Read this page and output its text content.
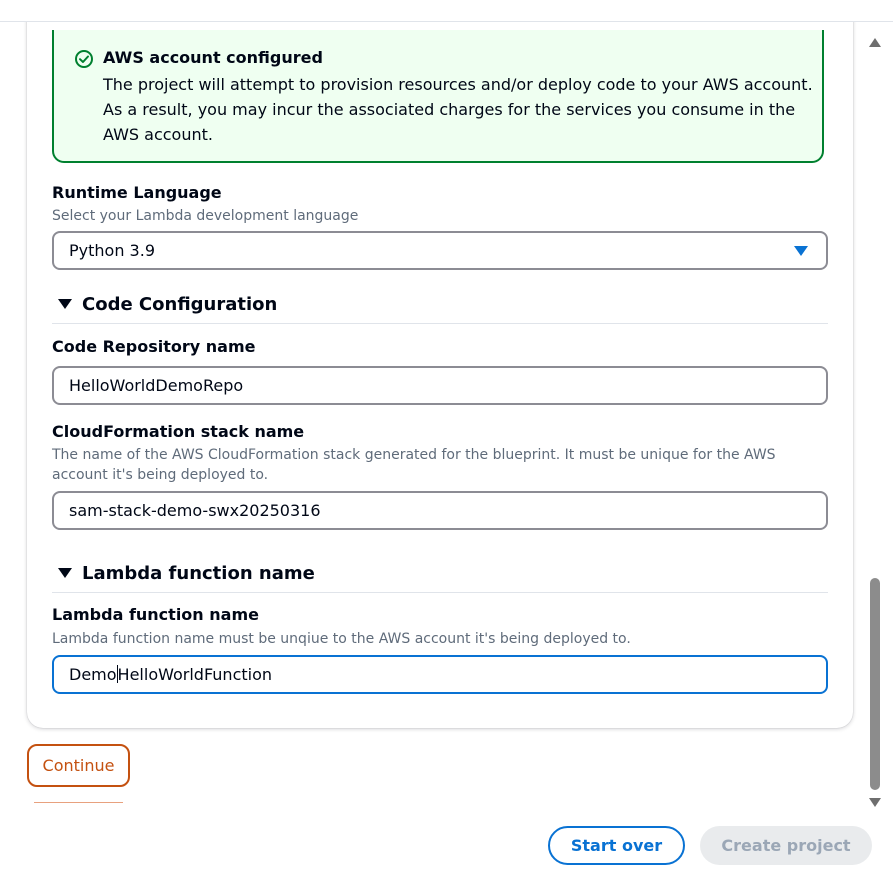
AWS account configured
The project will attempt to provision resources and/or deploy code to your AWS account. As a result, you may incur the associated charges for the services you consume in the AWS account.
Runtime Language
Select your Lambda development language
Python 3.9
Code Configuration
Code Repository name
HelloWorldDemoRepo
CloudFormation stack name
The name of the AWS CloudFormation stack generated for the blueprint. It must be unique for the AWS account it's being deployed to.
sam-stack-demo-swx20250316
Lambda function name
Lambda function name
Lambda function name must be unqiue to the AWS account it's being deployed to.
DemoHelloWorldFunction
Continue
Start over	Create project
